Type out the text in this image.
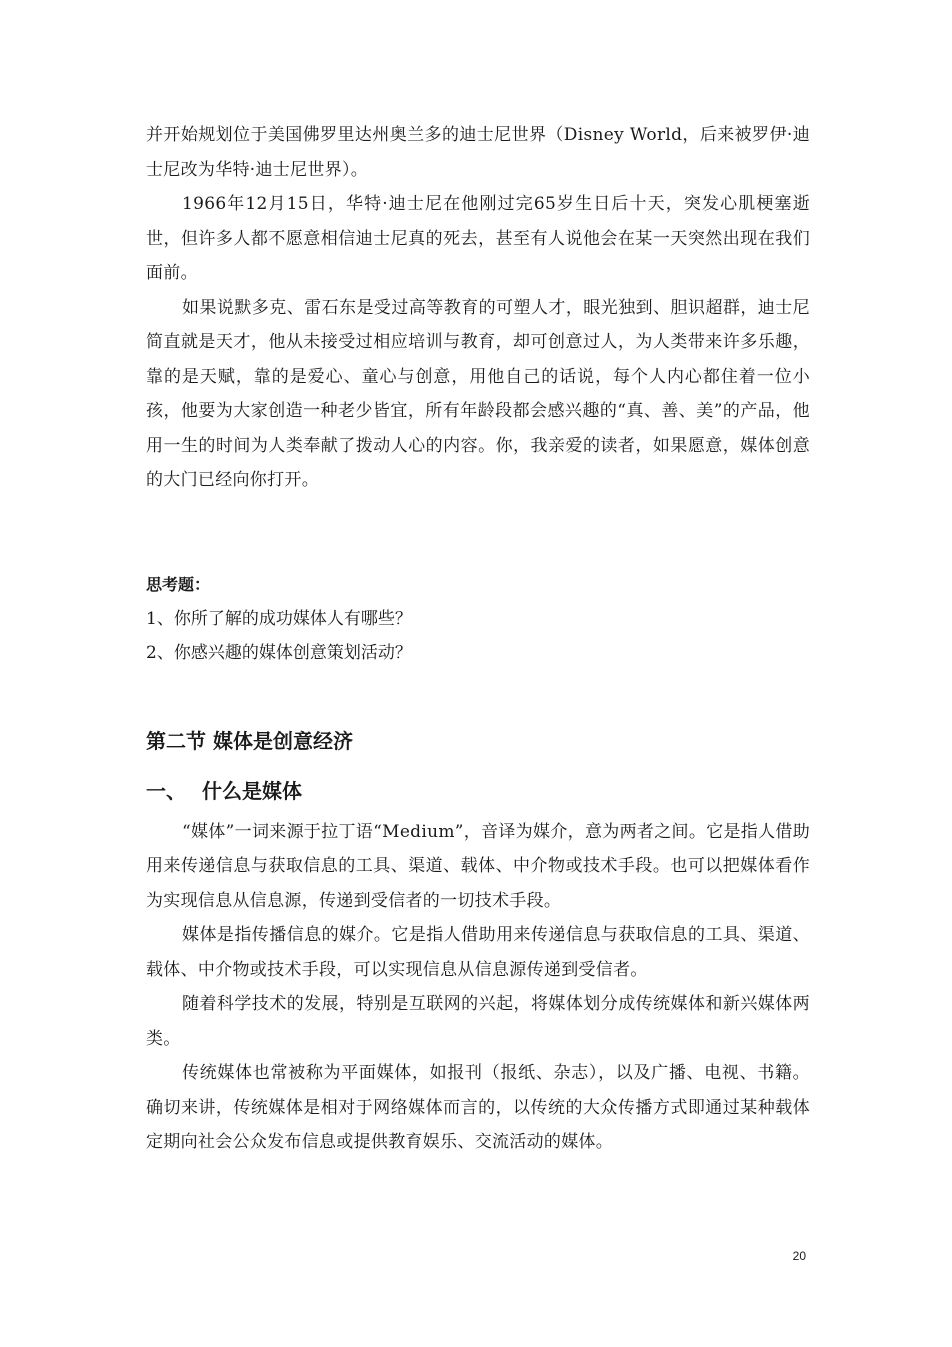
并开始规划位于美国佛罗里达州奥兰多的迪士尼世界（Disney World，后来被罗伊·迪士尼改为华特·迪士尼世界）。

1966年12月15日，华特·迪士尼在他刚过完65岁生日后十天，突发心肌梗塞逝世，但许多人都不愿意相信迪士尼真的死去，甚至有人说他会在某一天突然出现在我们面前。

如果说默多克、雷石东是受过高等教育的可塑人才，眼光独到、胆识超群，迪士尼简直就是天才，他从未接受过相应培训与教育，却可创意过人，为人类带来许多乐趣，靠的是天赋，靠的是爱心、童心与创意，用他自己的话说，每个人内心都住着一位小孩，他要为大家创造一种老少皆宜，所有年龄段都会感兴趣的“真、善、美”的产品，他用一生的时间为人类奉献了拨动人心的内容。你，我亲爱的读者，如果愿意，媒体创意的大门已经向你打开。

思考题：

1、你所了解的成功媒体人有哪些？

2、你感兴趣的媒体创意策划活动？

第二节 媒体是创意经济
一、 什么是媒体

“媒体”一词来源于拉丁语“Medium”，音译为媒介，意为两者之间。它是指人借助用来传递信息与获取信息的工具、渠道、载体、中介物或技术手段。也可以把媒体看作为实现信息从信息源，传递到受信者的一切技术手段。

媒体是指传播信息的媒介。它是指人借助用来传递信息与获取信息的工具、渠道、载体、中介物或技术手段，可以实现信息从信息源传递到受信者。

随着科学技术的发展，特别是互联网的兴起，将媒体划分成传统媒体和新兴媒体两类。

传统媒体也常被称为平面媒体，如报刊（报纸、杂志），以及广播、电视、书籍。确切来讲，传统媒体是相对于网络媒体而言的，以传统的大众传播方式即通过某种载体定期向社会公众发布信息或提供教育娱乐、交流活动的媒体。

20
